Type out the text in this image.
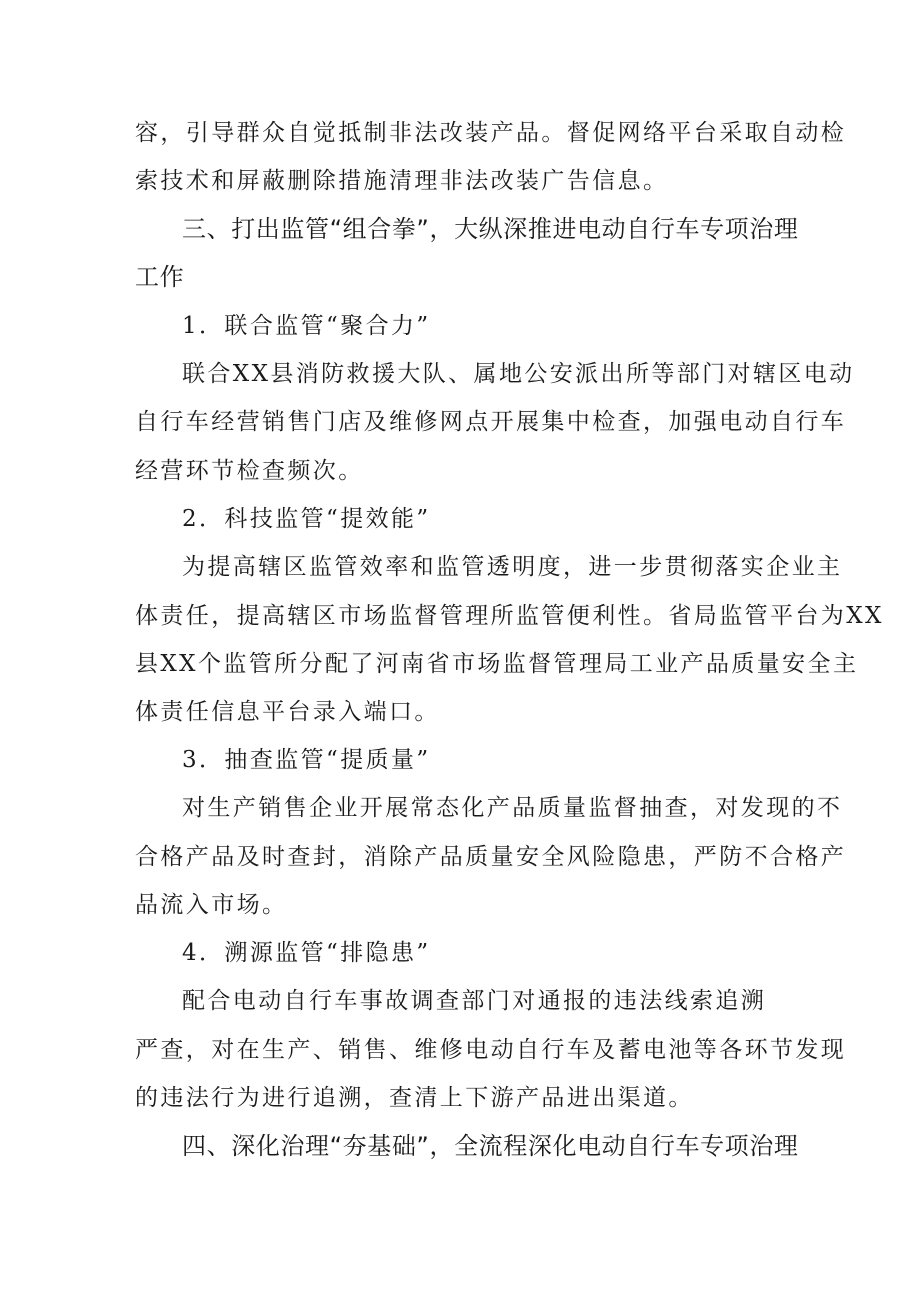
容，引导群众自觉抵制非法改装产品。督促网络平台采取自动检
索技术和屏蔽删除措施清理非法改装广告信息。
三、打出监管“组合拳”，大纵深推进电动自行车专项治理
工作
1．联合监管“聚合力”
联合XX县消防救援大队、属地公安派出所等部门对辖区电动
自行车经营销售门店及维修网点开展集中检查，加强电动自行车
经营环节检查频次。
2．科技监管“提效能”
为提高辖区监管效率和监管透明度，进一步贯彻落实企业主
体责任，提高辖区市场监督管理所监管便利性。省局监管平台为XX
县XX个监管所分配了河南省市场监督管理局工业产品质量安全主
体责任信息平台录入端口。
3．抽查监管“提质量”
对生产销售企业开展常态化产品质量监督抽查，对发现的不
合格产品及时查封，消除产品质量安全风险隐患，严防不合格产
品流入市场。
4．溯源监管“排隐患”
配合电动自行车事故调查部门对通报的违法线索追溯
严查，对在生产、销售、维修电动自行车及蓄电池等各环节发现
的违法行为进行追溯，查清上下游产品进出渠道。
四、深化治理“夯基础”，全流程深化电动自行车专项治理
